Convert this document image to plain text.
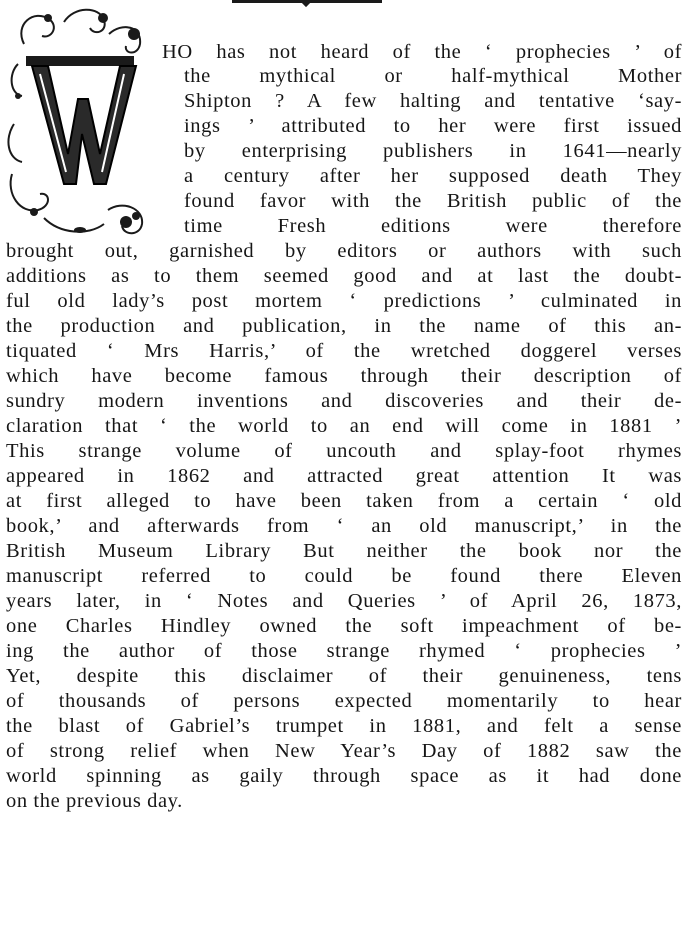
W
HO has not heard of the ‘ prophecies ’ of
the mythical or half-mythical Mother
Shipton ? A few halting and tentative ‘say-
ings ’ attributed to her were first issued
by enterprising publishers in 1641—nearly
a century after her supposed death They
found favor with the British public of the
time Fresh editions were therefore
brought out, garnished by editors or authors with such
additions as to them seemed good and at last the doubt-
ful old lady’s post mortem ‘ predictions ’ culminated in
the production and publication, in the name of this an-
tiquated ‘ Mrs Harris,’ of the wretched doggerel verses
which have become famous through their description of
sundry modern inventions and discoveries and their de-
claration that ‘ the world to an end will come in 1881 ’
This strange volume of uncouth and splay-foot rhymes
appeared in 1862 and attracted great attention It was
at first alleged to have been taken from a certain ‘ old
book,’ and afterwards from ‘ an old manuscript,’ in the
British Museum Library But neither the book nor the
manuscript referred to could be found there Eleven
years later, in ‘ Notes and Queries ’ of April 26, 1873,
one Charles Hindley owned the soft impeachment of be-
ing the author of those strange rhymed ‘ prophecies ’
Yet, despite this disclaimer of their genuineness, tens
of thousands of persons expected momentarily to hear
the blast of Gabriel’s trumpet in 1881, and felt a sense
of strong relief when New Year’s Day of 1882 saw the
world spinning as gaily through space as it had done
on the previous day.
